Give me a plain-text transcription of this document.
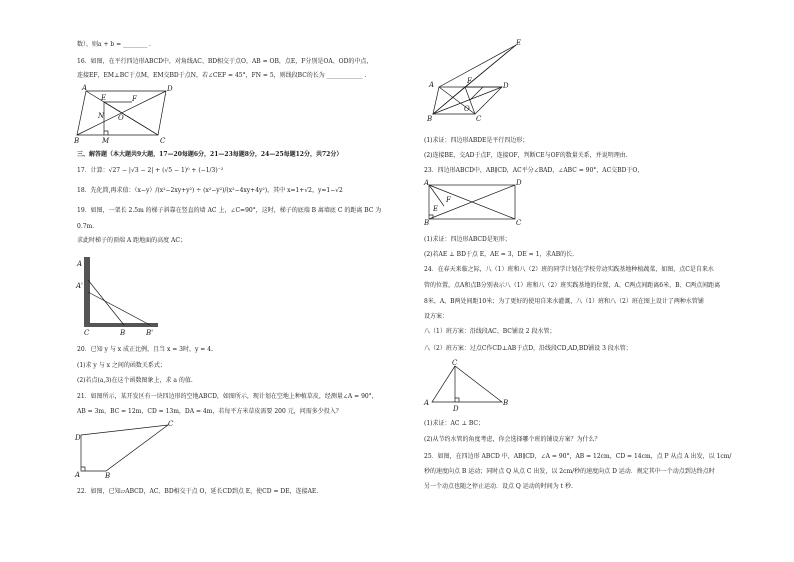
数），则a + b = ________ .
16．如图，在平行四边形ABCD中，对角线AC、BD相交于点O，AB = OB，点E，F分别是OA、OD的中点，
连接EF，EM⊥BC于点M，EM交BD于点N，若∠CEF = 45°，FN = 5，则线段BC的长为 ____________ .
A	D
E	F
N O
B	M	C
三、解答题（本大题共9大题，17—20每题6分，21—23每题8分，24—25每题12分，共72分）
17．计算：√27 − |√3 − 2| + (√5 − 1)⁰ + (−1/3)⁻²
18．先化简,再求值：（x−y）/(x²−2xy+y²) ÷ (x²−y²)/(x²−4xy+4y²)，其中 x=1+√2，y=1−√2
19．如图，一架长 2.5m 的梯子斜靠在竖直的墙 AC 上，∠C=90°，这时，梯子的底端 B 离墙底 C 的距离 BC 为
0.7m.
求此时梯子的顶端 A 距地面的高度 AC；
A
A'
C	B	B'
20．已知 y 与 x 成正比例，且当 x = 3时，y = 4.
(1)求 y 与 x 之间的函数关系式；
(2)若点(a,3)在这个函数图象上，求 a 的值.
21．如图所示，某开发区有一块四边形的空地ABCD，如图所示，现计划在空地上种植草皮，经测量∠A = 90°，
AB = 3m，BC = 12m，CD = 13m，DA = 4m，若每平方米草皮需要 200 元，问需多少投入？
D
C
A	B
22．如图，已知▱ABCD，AC、BD相交于点 O，延长CD到点 E，使CD = DE，连接AE.
E
A	F
D
O
B	C
(1)求证：四边形ABDE是平行四边形；
(2)连接BE，交AD于点F，连接OF，判断CE与OF的数量关系，并说明理由.
23．四边形ABCD中，AB∥CD，AC平分∠BAD，∠ABC = 90°，AC交BD于O，
A	D
F
E
B	C
(1)求证：四边形ABCD是矩形；
(2)若AE ⊥ BD于点 E，AE = 3，DE = 1，求AB的长.
24．在春天来临之际，八（1）班和八（2）班的同学计划在学校劳动实践基地种植蔬菜，如图，点C是自来水
管的位置，点A和点B分别表示八（1）班和八（2）班实践基地的位置，A、C两点间距离6米，B、C两点间距离
8米，A、B两处间距10米；为了更好的使用自来水灌溉，八（1）班和八（2）班在图上设计了两种水管铺
设方案：
八（1）班方案：沿线段AC、BC铺设 2 段水管；
八（2）班方案：过点C作CD⊥AB于点D，沿线段CD,AD,BD铺设 3 段水管；
C
A
D
B
(1)求证：AC ⊥ BC；
(2)从节约水管的角度考虑，你会选择哪个班的铺设方案？为什么？
25．如图，在四边形 ABCD 中，AB∥CD，∠A = 90°，AB = 12cm，CD = 14cm，点 P 从点 A 出发，以 1cm/
秒的速度向点 B 运动；同时点 Q 从点 C 出发，以 2cm/秒的速度向点 D 运动．规定其中一个动点到达终点时
另一个动点也随之停止运动．设点 Q 运动的时间为 t 秒.
